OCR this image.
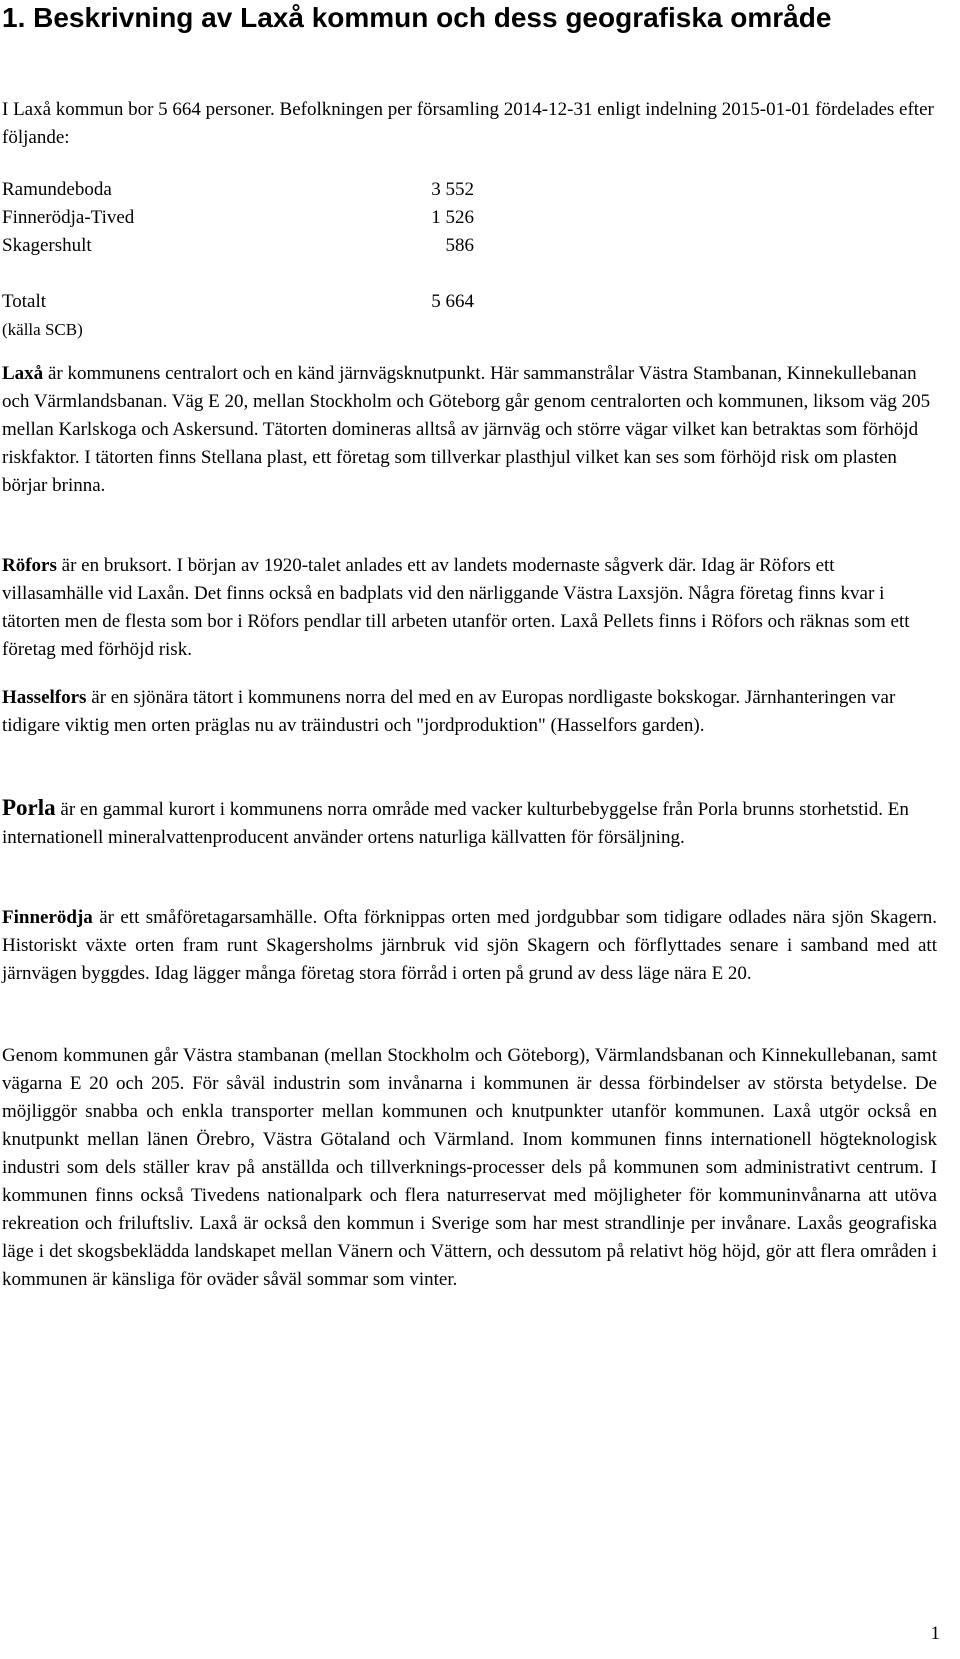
1. Beskrivning av Laxå kommun och dess geografiska område

I Laxå kommun bor 5 664 personer. Befolkningen per församling 2014-12-31 enligt indelning 2015-01-01 fördelades efter följande:

Ramundeboda	3 552
Finnerödja-Tived	1 526
Skagershult	586

Totalt	5 664
(källa SCB)

Laxå är kommunens centralort och en känd järnvägsknutpunkt. Här sammanstrålar Västra Stambanan, Kinnekullebanan och Värmlandsbanan. Väg E 20, mellan Stockholm och Göteborg går genom centralorten och kommunen, liksom väg 205 mellan Karlskoga och Askersund. Tätorten domineras alltså av järnväg och större vägar vilket kan betraktas som förhöjd riskfaktor. I tätorten finns Stellana plast, ett företag som tillverkar plasthjul vilket kan ses som förhöjd risk om plasten börjar brinna.

Röfors är en bruksort. I början av 1920-talet anlades ett av landets modernaste sågverk där. Idag är Röfors ett villasamhälle vid Laxån. Det finns också en badplats vid den närliggande Västra Laxsjön. Några företag finns kvar i tätorten men de flesta som bor i Röfors pendlar till arbeten utanför orten. Laxå Pellets finns i Röfors och räknas som ett företag med förhöjd risk.

Hasselfors är en sjönära tätort i kommunens norra del med en av Europas nordligaste bokskogar. Järnhanteringen var tidigare viktig men orten präglas nu av träindustri och "jordproduktion" (Hasselfors garden).

Porla är en gammal kurort i kommunens norra område med vacker kulturbebyggelse från Porla brunns storhetstid. En internationell mineralvattenproducent använder ortens naturliga källvatten för försäljning.

Finnerödja är ett småföretagarsamhälle. Ofta förknippas orten med jordgubbar som tidigare odlades nära sjön Skagern. Historiskt växte orten fram runt Skagersholms järnbruk vid sjön Skagern och förflyttades senare i samband med att järnvägen byggdes. Idag lägger många företag stora förråd i orten på grund av dess läge nära E 20.

Genom kommunen går Västra stambanan (mellan Stockholm och Göteborg), Värmlandsbanan och Kinnekullebanan, samt vägarna E 20 och 205. För såväl industrin som invånarna i kommunen är dessa förbindelser av största betydelse. De möjliggör snabba och enkla transporter mellan kommunen och knutpunkter utanför kommunen. Laxå utgör också en knutpunkt mellan länen Örebro, Västra Götaland och Värmland. Inom kommunen finns internationell högteknologisk industri som dels ställer krav på anställda och tillverknings-processer dels på kommunen som administrativt centrum. I kommunen finns också Tivedens nationalpark och flera naturreservat med möjligheter för kommuninvånarna att utöva rekreation och friluftsliv. Laxå är också den kommun i Sverige som har mest strandlinje per invånare. Laxås geografiska läge i det skogsbeklädda landskapet mellan Vänern och Vättern, och dessutom på relativt hög höjd, gör att flera områden i kommunen är känsliga för oväder såväl sommar som vinter.

1
